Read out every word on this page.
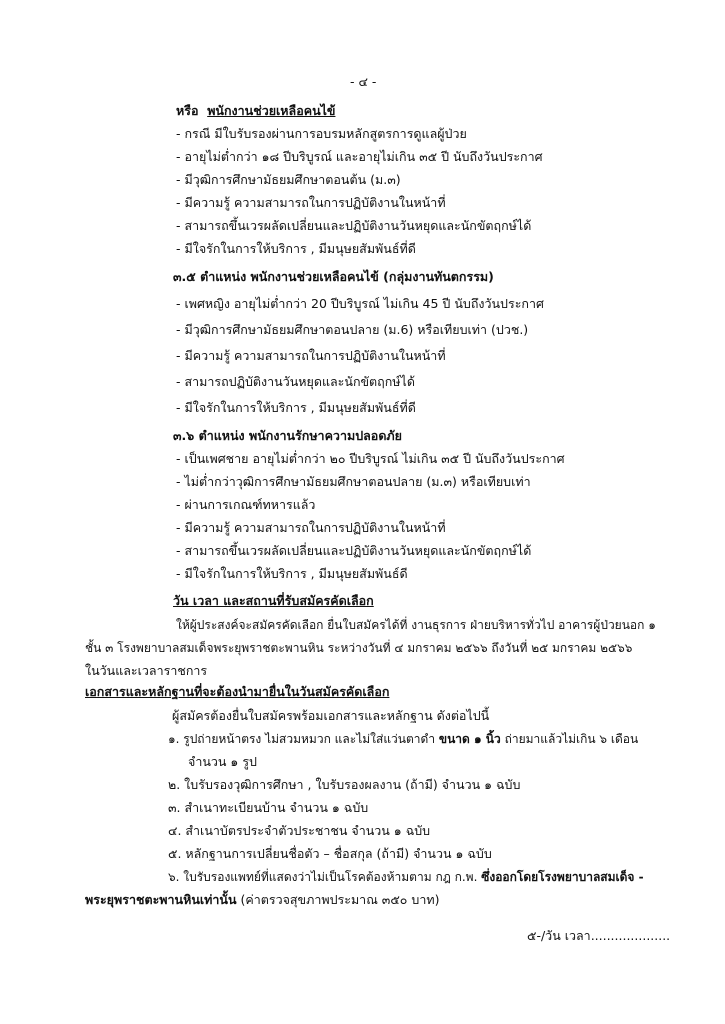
- ๔ -
หรือ พนักงานช่วยเหลือคนไข้
- กรณี มีใบรับรองผ่านการอบรมหลักสูตรการดูแลผู้ป่วย
- อายุไม่ต่ำกว่า ๑๘ ปีบริบูรณ์ และอายุไม่เกิน ๓๕ ปี นับถึงวันประกาศ
- มีวุฒิการศึกษามัธยมศึกษาตอนต้น (ม.๓)
- มีความรู้ ความสามารถในการปฏิบัติงานในหน้าที่
- สามารถขึ้นเวรผลัดเปลี่ยนและปฏิบัติงานวันหยุดและนักขัตฤกษ์ได้
- มีใจรักในการให้บริการ , มีมนุษยสัมพันธ์ที่ดี
๓.๕ ตำแหน่ง พนักงานช่วยเหลือคนไข้ (กลุ่มงานทันตกรรม)
- เพศหญิง อายุไม่ต่ำกว่า 20 ปีบริบูรณ์ ไม่เกิน 45 ปี นับถึงวันประกาศ
- มีวุฒิการศึกษามัธยมศึกษาตอนปลาย (ม.6) หรือเทียบเท่า (ปวช.)
- มีความรู้ ความสามารถในการปฏิบัติงานในหน้าที่
- สามารถปฏิบัติงานวันหยุดและนักขัตฤกษ์ได้
- มีใจรักในการให้บริการ , มีมนุษยสัมพันธ์ที่ดี
๓.๖ ตำแหน่ง พนักงานรักษาความปลอดภัย
- เป็นเพศชาย อายุไม่ต่ำกว่า ๒๐ ปีบริบูรณ์ ไม่เกิน ๓๕ ปี นับถึงวันประกาศ
- ไม่ต่ำกว่าวุฒิการศึกษามัธยมศึกษาตอนปลาย (ม.๓) หรือเทียบเท่า
- ผ่านการเกณฑ์ทหารแล้ว
- มีความรู้ ความสามารถในการปฏิบัติงานในหน้าที่
- สามารถขึ้นเวรผลัดเปลี่ยนและปฏิบัติงานวันหยุดและนักขัตฤกษ์ได้
- มีใจรักในการให้บริการ , มีมนุษยสัมพันธ์ดี
วัน เวลา และสถานที่รับสมัครคัดเลือก
ให้ผู้ประสงค์จะสมัครคัดเลือก ยื่นใบสมัครได้ที่ งานธุรการ ฝ่ายบริหารทั่วไป อาคารผู้ป่วยนอก ๑
ชั้น ๓ โรงพยาบาลสมเด็จพระยุพราชตะพานหิน ระหว่างวันที่ ๔ มกราคม ๒๕๖๖ ถึงวันที่ ๒๕ มกราคม ๒๕๖๖
ในวันและเวลาราชการ
เอกสารและหลักฐานที่จะต้องนำมายื่นในวันสมัครคัดเลือก
ผู้สมัครต้องยื่นใบสมัครพร้อมเอกสารและหลักฐาน ดังต่อไปนี้
๑. รูปถ่ายหน้าตรง ไม่สวมหมวก และไม่ใส่แว่นตาดำ ขนาด ๑ นิ้ว ถ่ายมาแล้วไม่เกิน ๖ เดือน
จำนวน ๑ รูป
๒. ใบรับรองวุฒิการศึกษา , ใบรับรองผลงาน (ถ้ามี) จำนวน ๑ ฉบับ
๓. สำเนาทะเบียนบ้าน จำนวน ๑ ฉบับ
๔. สำเนาบัตรประจำตัวประชาชน จำนวน ๑ ฉบับ
๕. หลักฐานการเปลี่ยนชื่อตัว – ชื่อสกุล (ถ้ามี) จำนวน ๑ ฉบับ
๖. ใบรับรองแพทย์ที่แสดงว่าไม่เป็นโรคต้องห้ามตาม กฎ ก.พ. ซึ่งออกโดยโรงพยาบาลสมเด็จ -
พระยุพราชตะพานหินเท่านั้น (ค่าตรวจสุขภาพประมาณ ๓๕๐ บาท)
๕-/วัน เวลา....................
